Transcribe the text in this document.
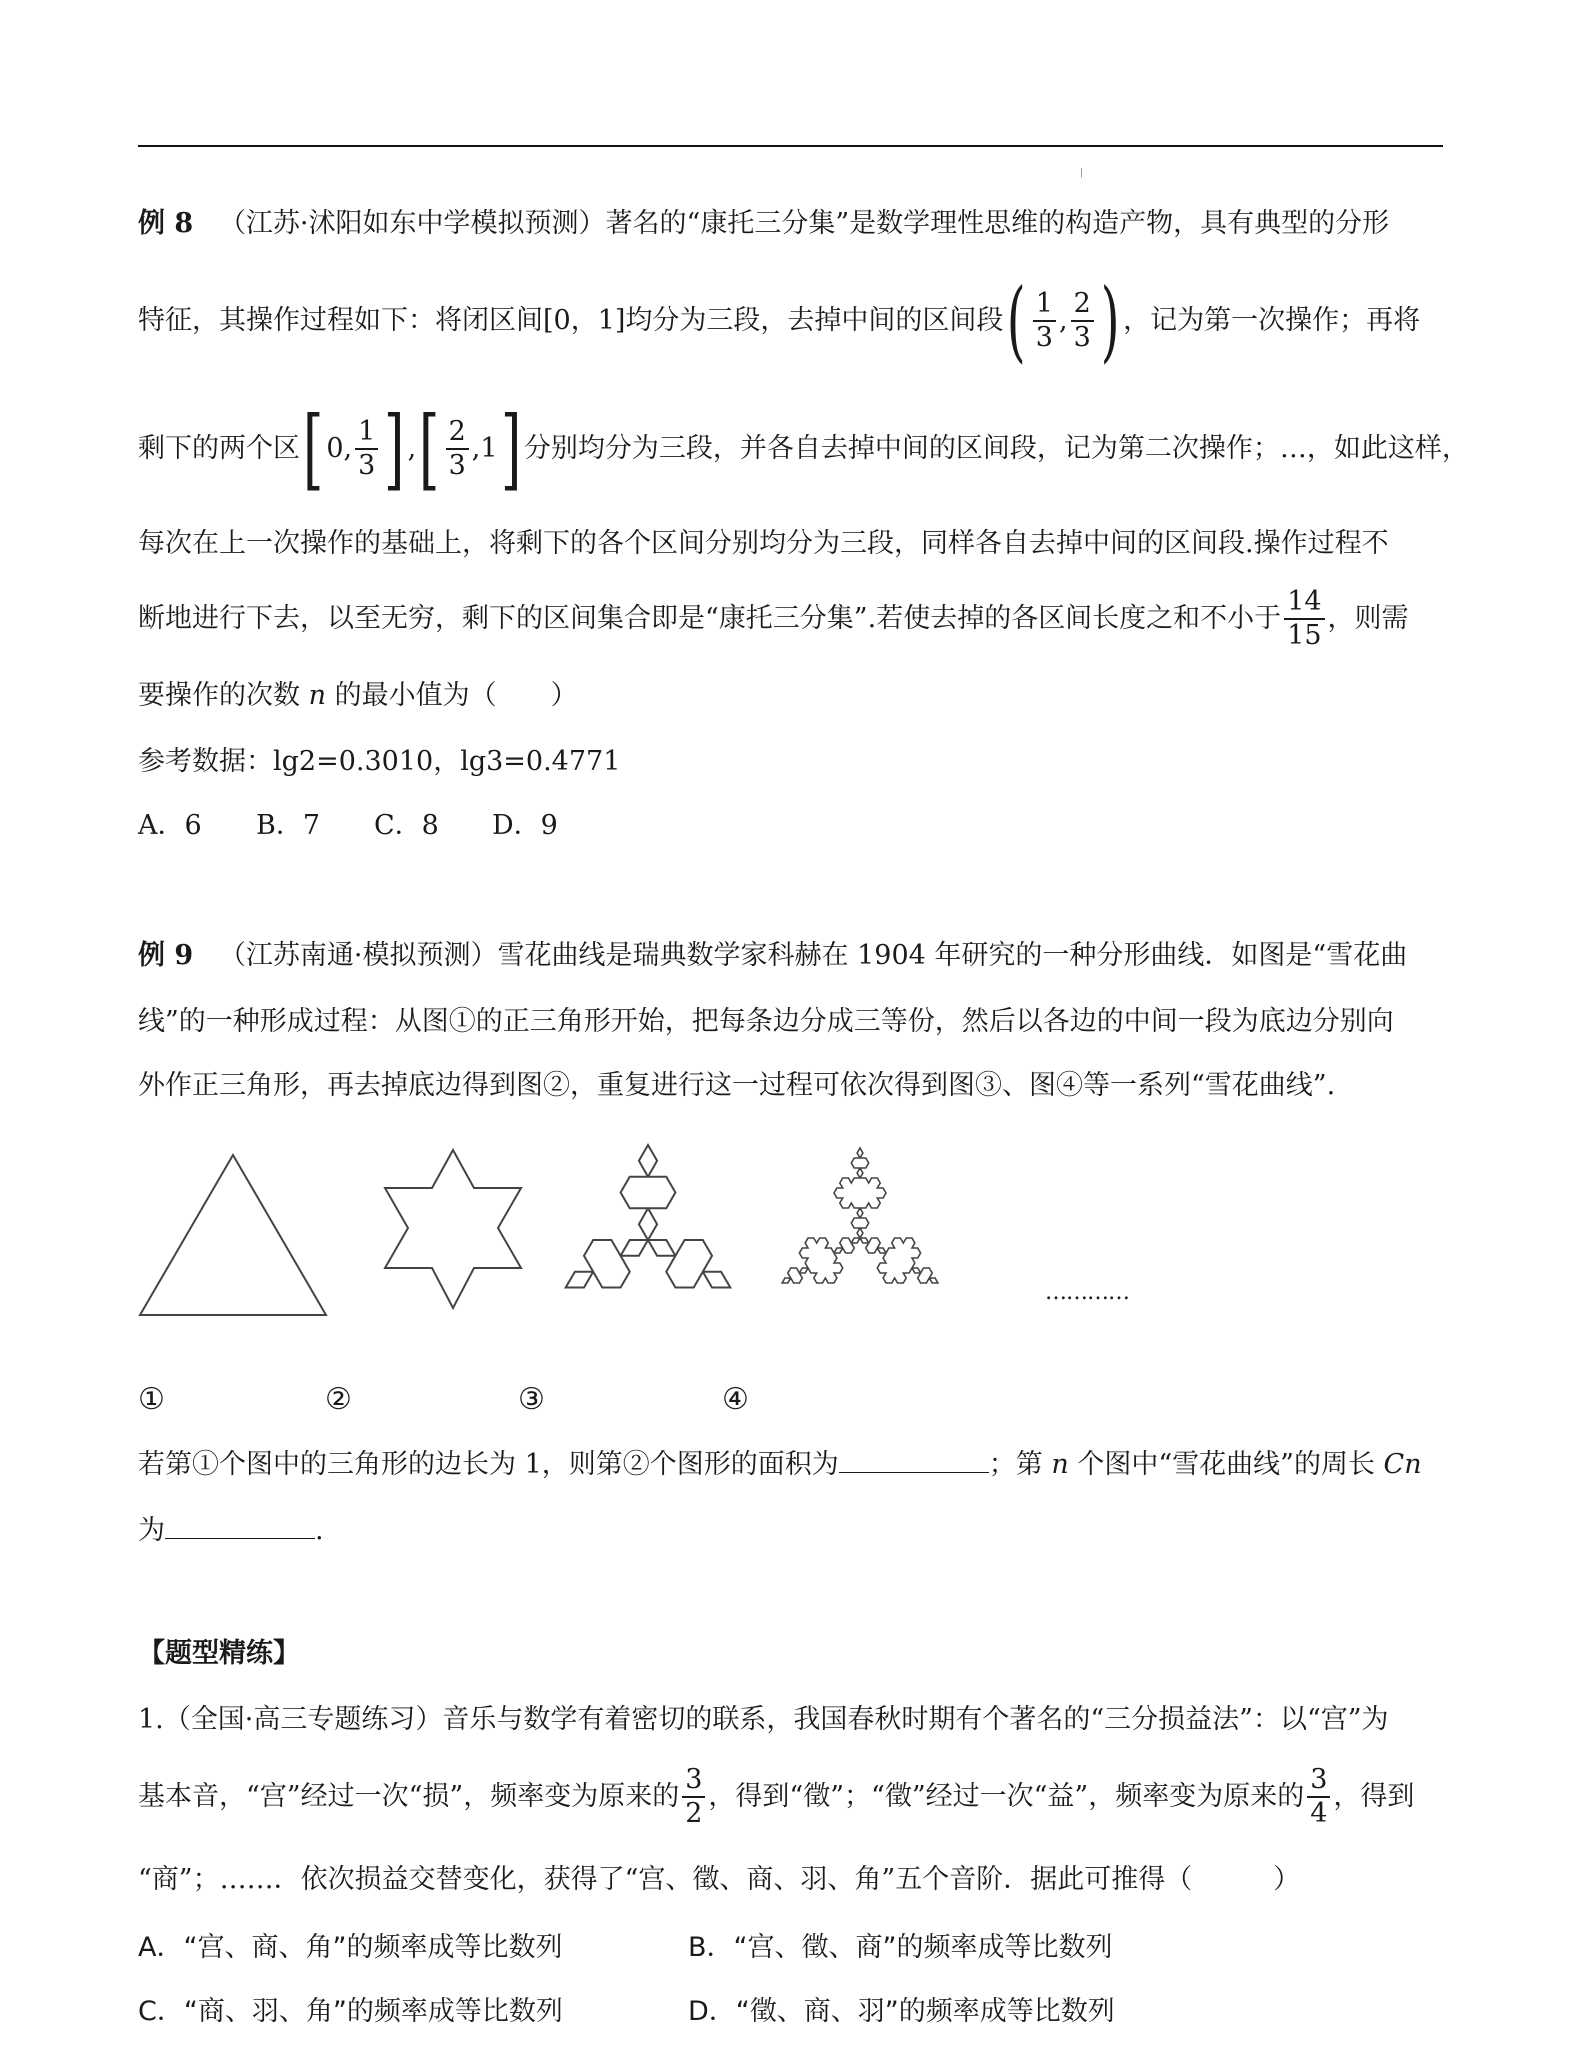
|
例 8 （江苏·沭阳如东中学模拟预测）著名的“康托三分集”是数学理性思维的构造产物，具有典型的分形
特征，其操作过程如下：将闭区间[0，1]均分为三段，去掉中间的区间段( $\frac{1}{3}$ , $\frac{2}{3}$ ) ，记为第一次操作；再将
剩下的两个区[ 0, $\frac{1}{3}$ ] ,[ $\frac{2}{3} ,1$] 分别均分为三段，并各自去掉中间的区间段，记为第二次操作；…，如此这样，
每次在上一次操作的基础上，将剩下的各个区间分别均分为三段，同样各自去掉中间的区间段.操作过程不
断地进行下去，以至无穷，剩下的区间集合即是“康托三分集”.若使去掉的各区间长度之和不小于 $\frac{14}{15}$ ，则需
要操作的次数 n 的最小值为（　　）
参考数据：lg2=0.3010，lg3=0.4771
A．6 B．7 C．8 D．9
例 9 （江苏南通·模拟预测）雪花曲线是瑞典数学家科赫在 1904 年研究的一种分形曲线．如图是“雪花曲
线”的一种形成过程：从图①的正三角形开始，把每条边分成三等份，然后以各边的中间一段为底边分别向
外作正三角形，再去掉底边得到图②，重复进行这一过程可依次得到图③、图④等一系列“雪花曲线”.
…………
①	②	③	④
若第①个图中的三角形的边长为 1，则第②个图形的面积为	；第 n 个图中“雪花曲线”的周长 Cn
为	.
【题型精练】
1.（全国·高三专题练习）音乐与数学有着密切的联系，我国春秋时期有个著名的“三分损益法”：以“宫”为
基本音，“宫”经过一次“损”，频率变为原来的 $\frac{3}{2}$ ，得到“徵”；“徵”经过一次“益”，频率变为原来的 $\frac{3}{4}$ ，得到
“商”；……．依次损益交替变化，获得了“宫、徵、商、羽、角”五个音阶．据此可推得（　　　）
A．“宫、商、角”的频率成等比数列	B．“宫、徵、商”的频率成等比数列
C．“商、羽、角”的频率成等比数列	D．“徵、商、羽”的频率成等比数列
